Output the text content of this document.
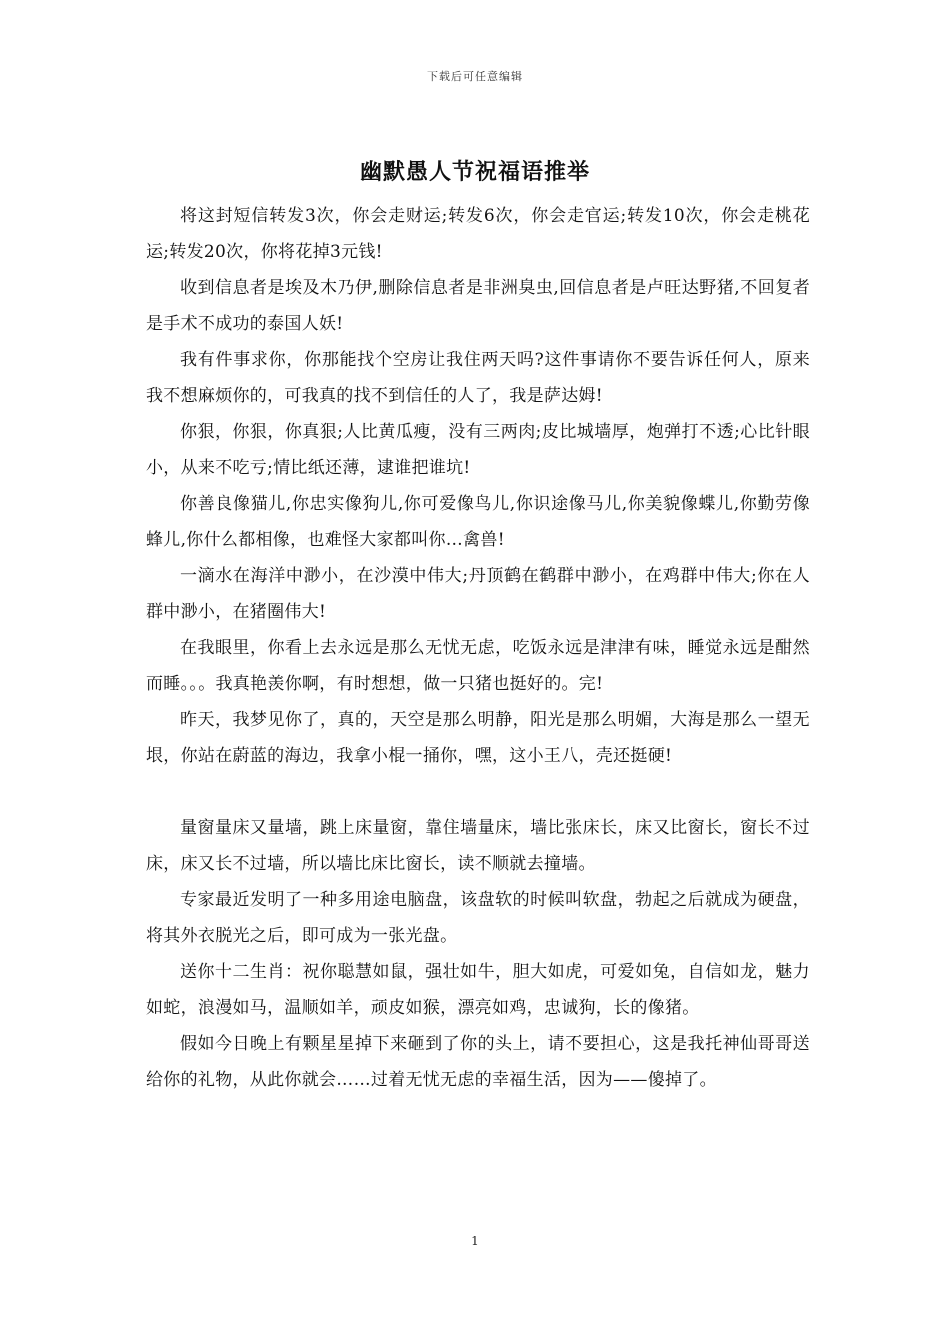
下载后可任意编辑
幽默愚人节祝福语推举

将这封短信转发3次，你会走财运;转发6次，你会走官运;转发10次，你会走桃花运;转发20次，你将花掉3元钱!

收到信息者是埃及木乃伊,删除信息者是非洲臭虫,回信息者是卢旺达野猪,不回复者是手术不成功的泰国人妖!

我有件事求你，你那能找个空房让我住两天吗?这件事请你不要告诉任何人，原来我不想麻烦你的，可我真的找不到信任的人了，我是萨达姆!

你狠，你狠，你真狠;人比黄瓜瘦，没有三两肉;皮比城墙厚，炮弹打不透;心比针眼小，从来不吃亏;情比纸还薄，逮谁把谁坑!

你善良像猫儿,你忠实像狗儿,你可爱像鸟儿,你识途像马儿,你美貌像蝶儿,你勤劳像蜂儿,你什么都相像，也难怪大家都叫你…禽兽!

一滴水在海洋中渺小，在沙漠中伟大;丹顶鹤在鹤群中渺小，在鸡群中伟大;你在人群中渺小，在猪圈伟大!

在我眼里，你看上去永远是那么无忧无虑，吃饭永远是津津有味，睡觉永远是酣然而睡。。。我真艳羡你啊，有时想想，做一只猪也挺好的。完!

昨天，我梦见你了，真的，天空是那么明静，阳光是那么明媚，大海是那么一望无垠，你站在蔚蓝的海边，我拿小棍一捅你，嘿，这小王八，壳还挺硬!

量窗量床又量墙，跳上床量窗，靠住墙量床，墙比张床长，床又比窗长，窗长不过床，床又长不过墙，所以墙比床比窗长，读不顺就去撞墙。

专家最近发明了一种多用途电脑盘，该盘软的时候叫软盘，勃起之后就成为硬盘，将其外衣脱光之后，即可成为一张光盘。

送你十二生肖：祝你聪慧如鼠，强壮如牛，胆大如虎，可爱如兔，自信如龙，魅力如蛇，浪漫如马，温顺如羊，顽皮如猴，漂亮如鸡，忠诚狗，长的像猪。

假如今日晚上有颗星星掉下来砸到了你的头上，请不要担心，这是我托神仙哥哥送给你的礼物，从此你就会……过着无忧无虑的幸福生活，因为——傻掉了。

1
